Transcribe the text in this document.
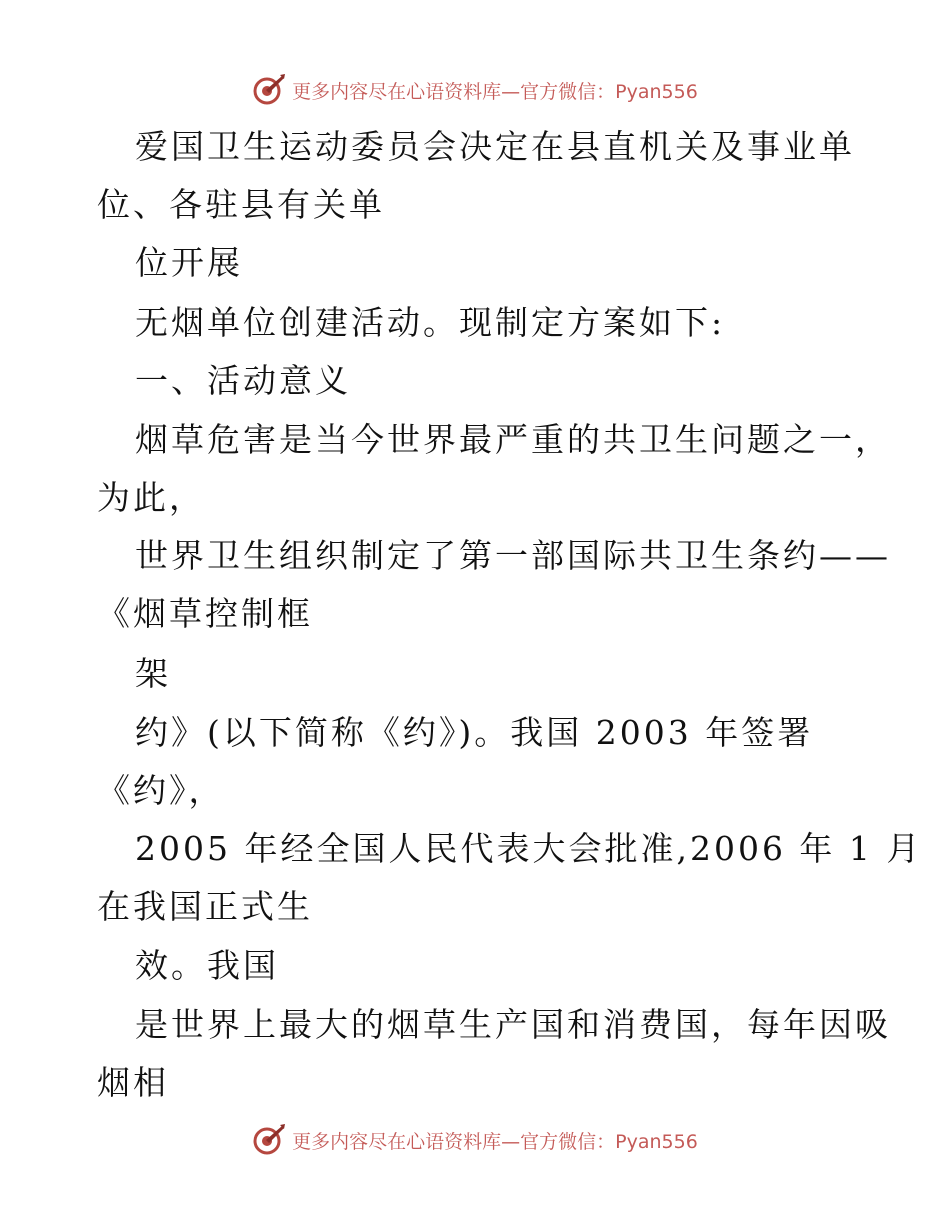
更多内容尽在心语资料库—官方微信：Pyan556
爱国卫生运动委员会决定在县直机关及事业单
位、各驻县有关单
位开展
无烟单位创建活动。现制定方案如下:
一、活动意义
烟草危害是当今世界最严重的共卫生问题之一，
为此，
世界卫生组织制定了第一部国际共卫生条约——
《烟草控制框
架
约》(以下简称《约》)。我国 2003 年签署
《约》，
2005 年经全国人民代表大会批准,2006 年 1 月
在我国正式生
效。我国
是世界上最大的烟草生产国和消费国，每年因吸
烟相
更多内容尽在心语资料库—官方微信：Pyan556
